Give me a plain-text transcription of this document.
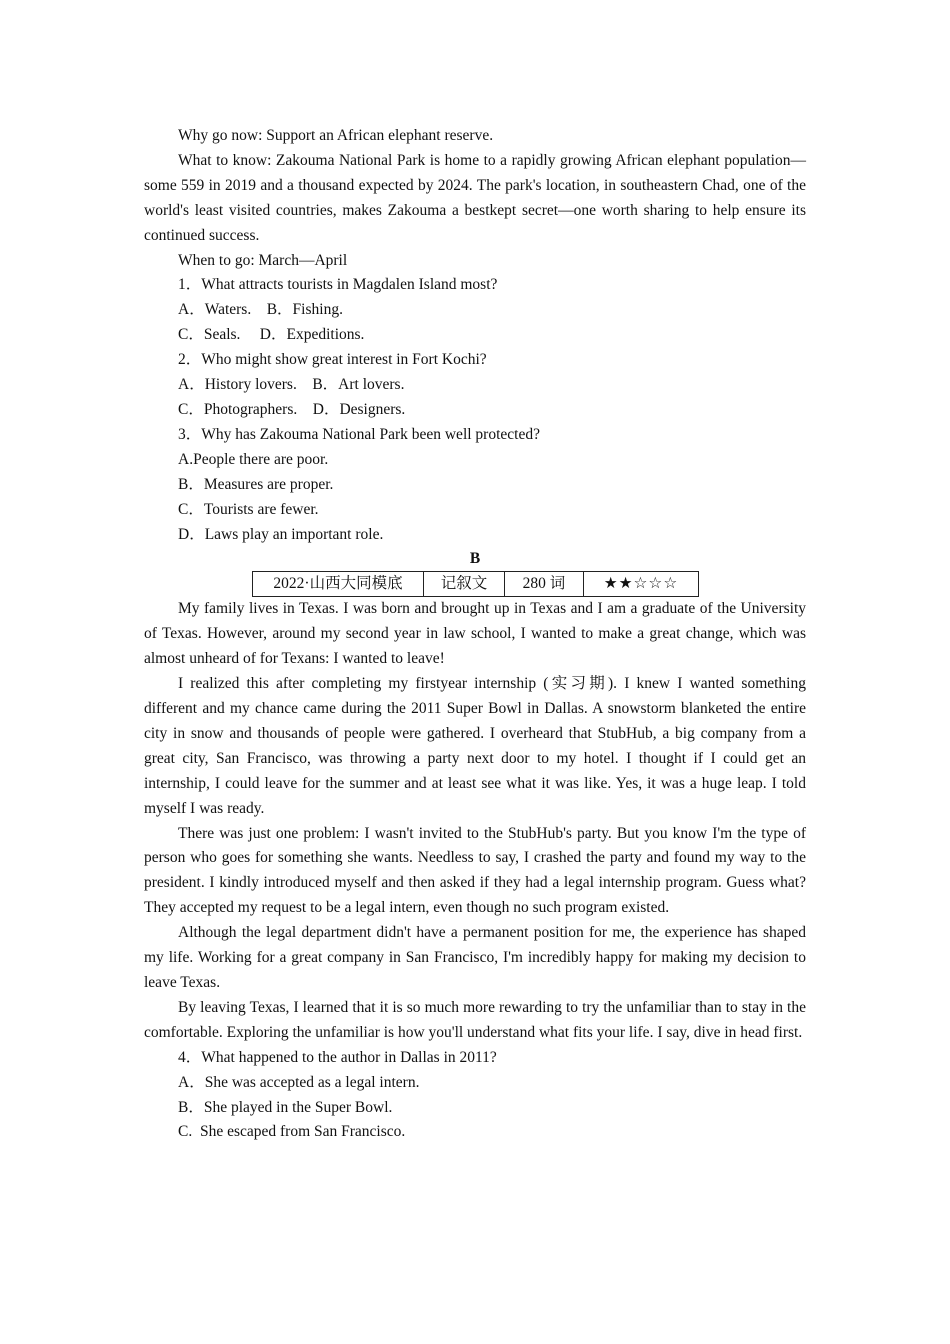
Why go now: Support an African elephant reserve.

What to know: Zakouma National Park is home to a rapidly growing African elephant population—some 559 in 2019 and a thousand expected by 2024. The park's location, in southeastern Chad, one of the world's least visited countries, makes Zakouma a bestkept secret—one worth sharing to help ensure its continued success.

When to go: March—April

1．What attracts tourists in Magdalen Island most?

A．Waters.    B．Fishing.

C．Seals.     D．Expeditions.

2．Who might show great interest in Fort Kochi?

A．History lovers.    B．Art lovers.

C．Photographers.    D．Designers.

3．Why has Zakouma National Park been well protected?

A.People there are poor.

B．Measures are proper.

C．Tourists are fewer.

D．Laws play an important role.

B

2022·山西大同模底	记叙文	280 词	★★☆☆☆

My family lives in Texas. I was born and brought up in Texas and I am a graduate of the University of Texas. However, around my second year in law school, I wanted to make a great change, which was almost unheard of for Texans: I wanted to leave!

I realized this after completing my firstyear internship (实习期). I knew I wanted something different and my chance came during the 2011 Super Bowl in Dallas. A snowstorm blanketed the entire city in snow and thousands of people were gathered. I overheard that StubHub, a big company from a great city, San Francisco, was throwing a party next door to my hotel. I thought if I could get an internship, I could leave for the summer and at least see what it was like. Yes, it was a huge leap. I told myself I was ready.

There was just one problem: I wasn't invited to the StubHub's party. But you know I'm the type of person who goes for something she wants. Needless to say, I crashed the party and found my way to the president. I kindly introduced myself and then asked if they had a legal internship program. Guess what? They accepted my request to be a legal intern, even though no such program existed.

Although the legal department didn't have a permanent position for me, the experience has shaped my life. Working for a great company in San Francisco, I'm incredibly happy for making my decision to leave Texas.

By leaving Texas, I learned that it is so much more rewarding to try the unfamiliar than to stay in the comfortable. Exploring the unfamiliar is how you'll understand what fits your life. I say, dive in head first.

4．What happened to the author in Dallas in 2011?

A．She was accepted as a legal intern.

B．She played in the Super Bowl.

C.  She escaped from San Francisco.
